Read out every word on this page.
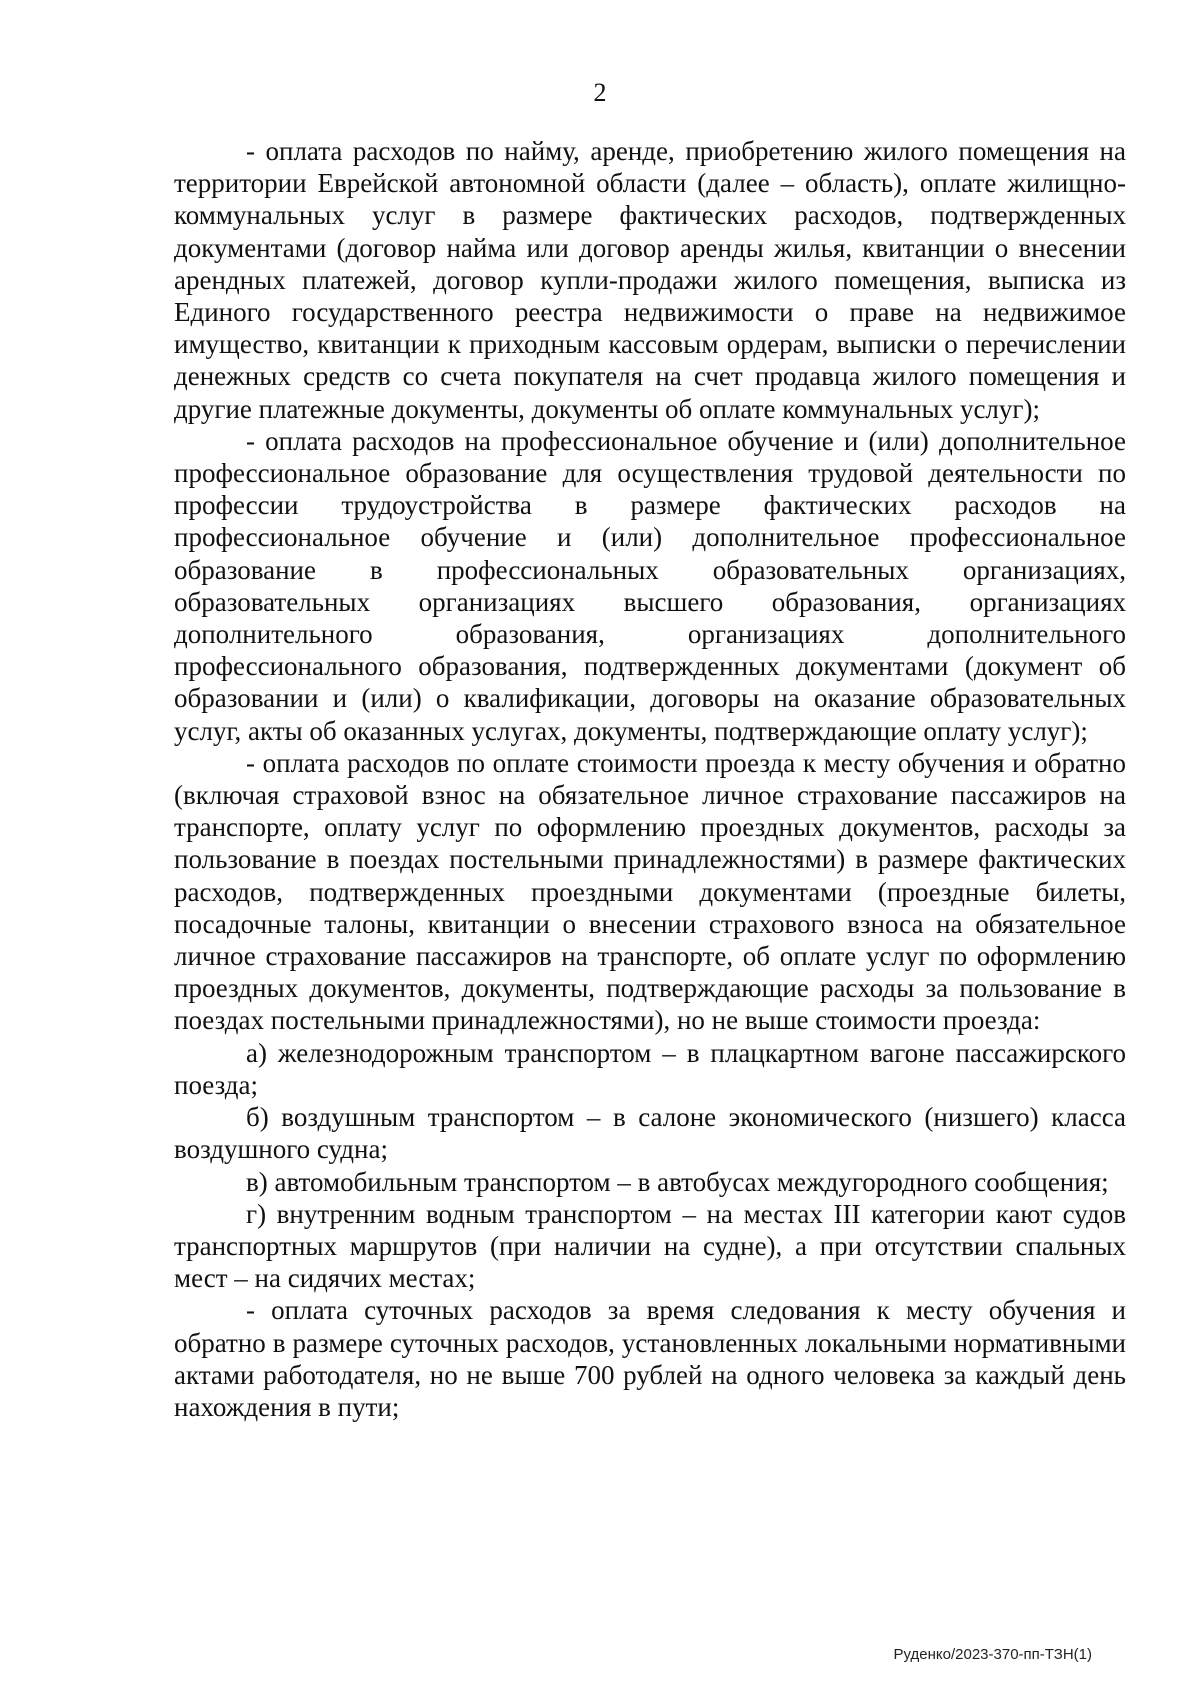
2

- оплата расходов по найму, аренде, приобретению жилого помещения на территории Еврейской автономной области (далее – область), оплате жилищно-коммунальных услуг в размере фактических расходов, подтвержденных документами (договор найма или договор аренды жилья, квитанции о внесении арендных платежей, договор купли-продажи жилого помещения, выписка из Единого государственного реестра недвижимости о праве на недвижимое имущество, квитанции к приходным кассовым ордерам, выписки о перечислении денежных средств со счета покупателя на счет продавца жилого помещения и другие платежные документы, документы об оплате коммунальных услуг);

- оплата расходов на профессиональное обучение и (или) дополнительное профессиональное образование для осуществления трудовой деятельности по профессии трудоустройства в размере фактических расходов на профессиональное обучение и (или) дополнительное профессиональное образование в профессиональных образовательных организациях, образовательных организациях высшего образования, организациях дополнительного образования, организациях дополнительного профессионального образования, подтвержденных документами (документ об образовании и (или) о квалификации, договоры на оказание образовательных услуг, акты об оказанных услугах, документы, подтверждающие оплату услуг);

- оплата расходов по оплате стоимости проезда к месту обучения и обратно (включая страховой взнос на обязательное личное страхование пассажиров на транспорте, оплату услуг по оформлению проездных документов, расходы за пользование в поездах постельными принадлежностями) в размере фактических расходов, подтвержденных проездными документами (проездные билеты, посадочные талоны, квитанции о внесении страхового взноса на обязательное личное страхование пассажиров на транспорте, об оплате услуг по оформлению проездных документов, документы, подтверждающие расходы за пользование в поездах постельными принадлежностями), но не выше стоимости проезда:

а) железнодорожным транспортом – в плацкартном вагоне пассажирского поезда;

б) воздушным транспортом – в салоне экономического (низшего) класса воздушного судна;

в) автомобильным транспортом – в автобусах междугородного сообщения;

г) внутренним водным транспортом – на местах III категории кают судов транспортных маршрутов (при наличии на судне), а при отсутствии спальных мест – на сидячих местах;

- оплата суточных расходов за время следования к месту обучения и обратно в размере суточных расходов, установленных локальными нормативными актами работодателя, но не выше 700 рублей на одного человека за каждый день нахождения в пути;

Руденко/2023-370-пп-ТЗН(1)
